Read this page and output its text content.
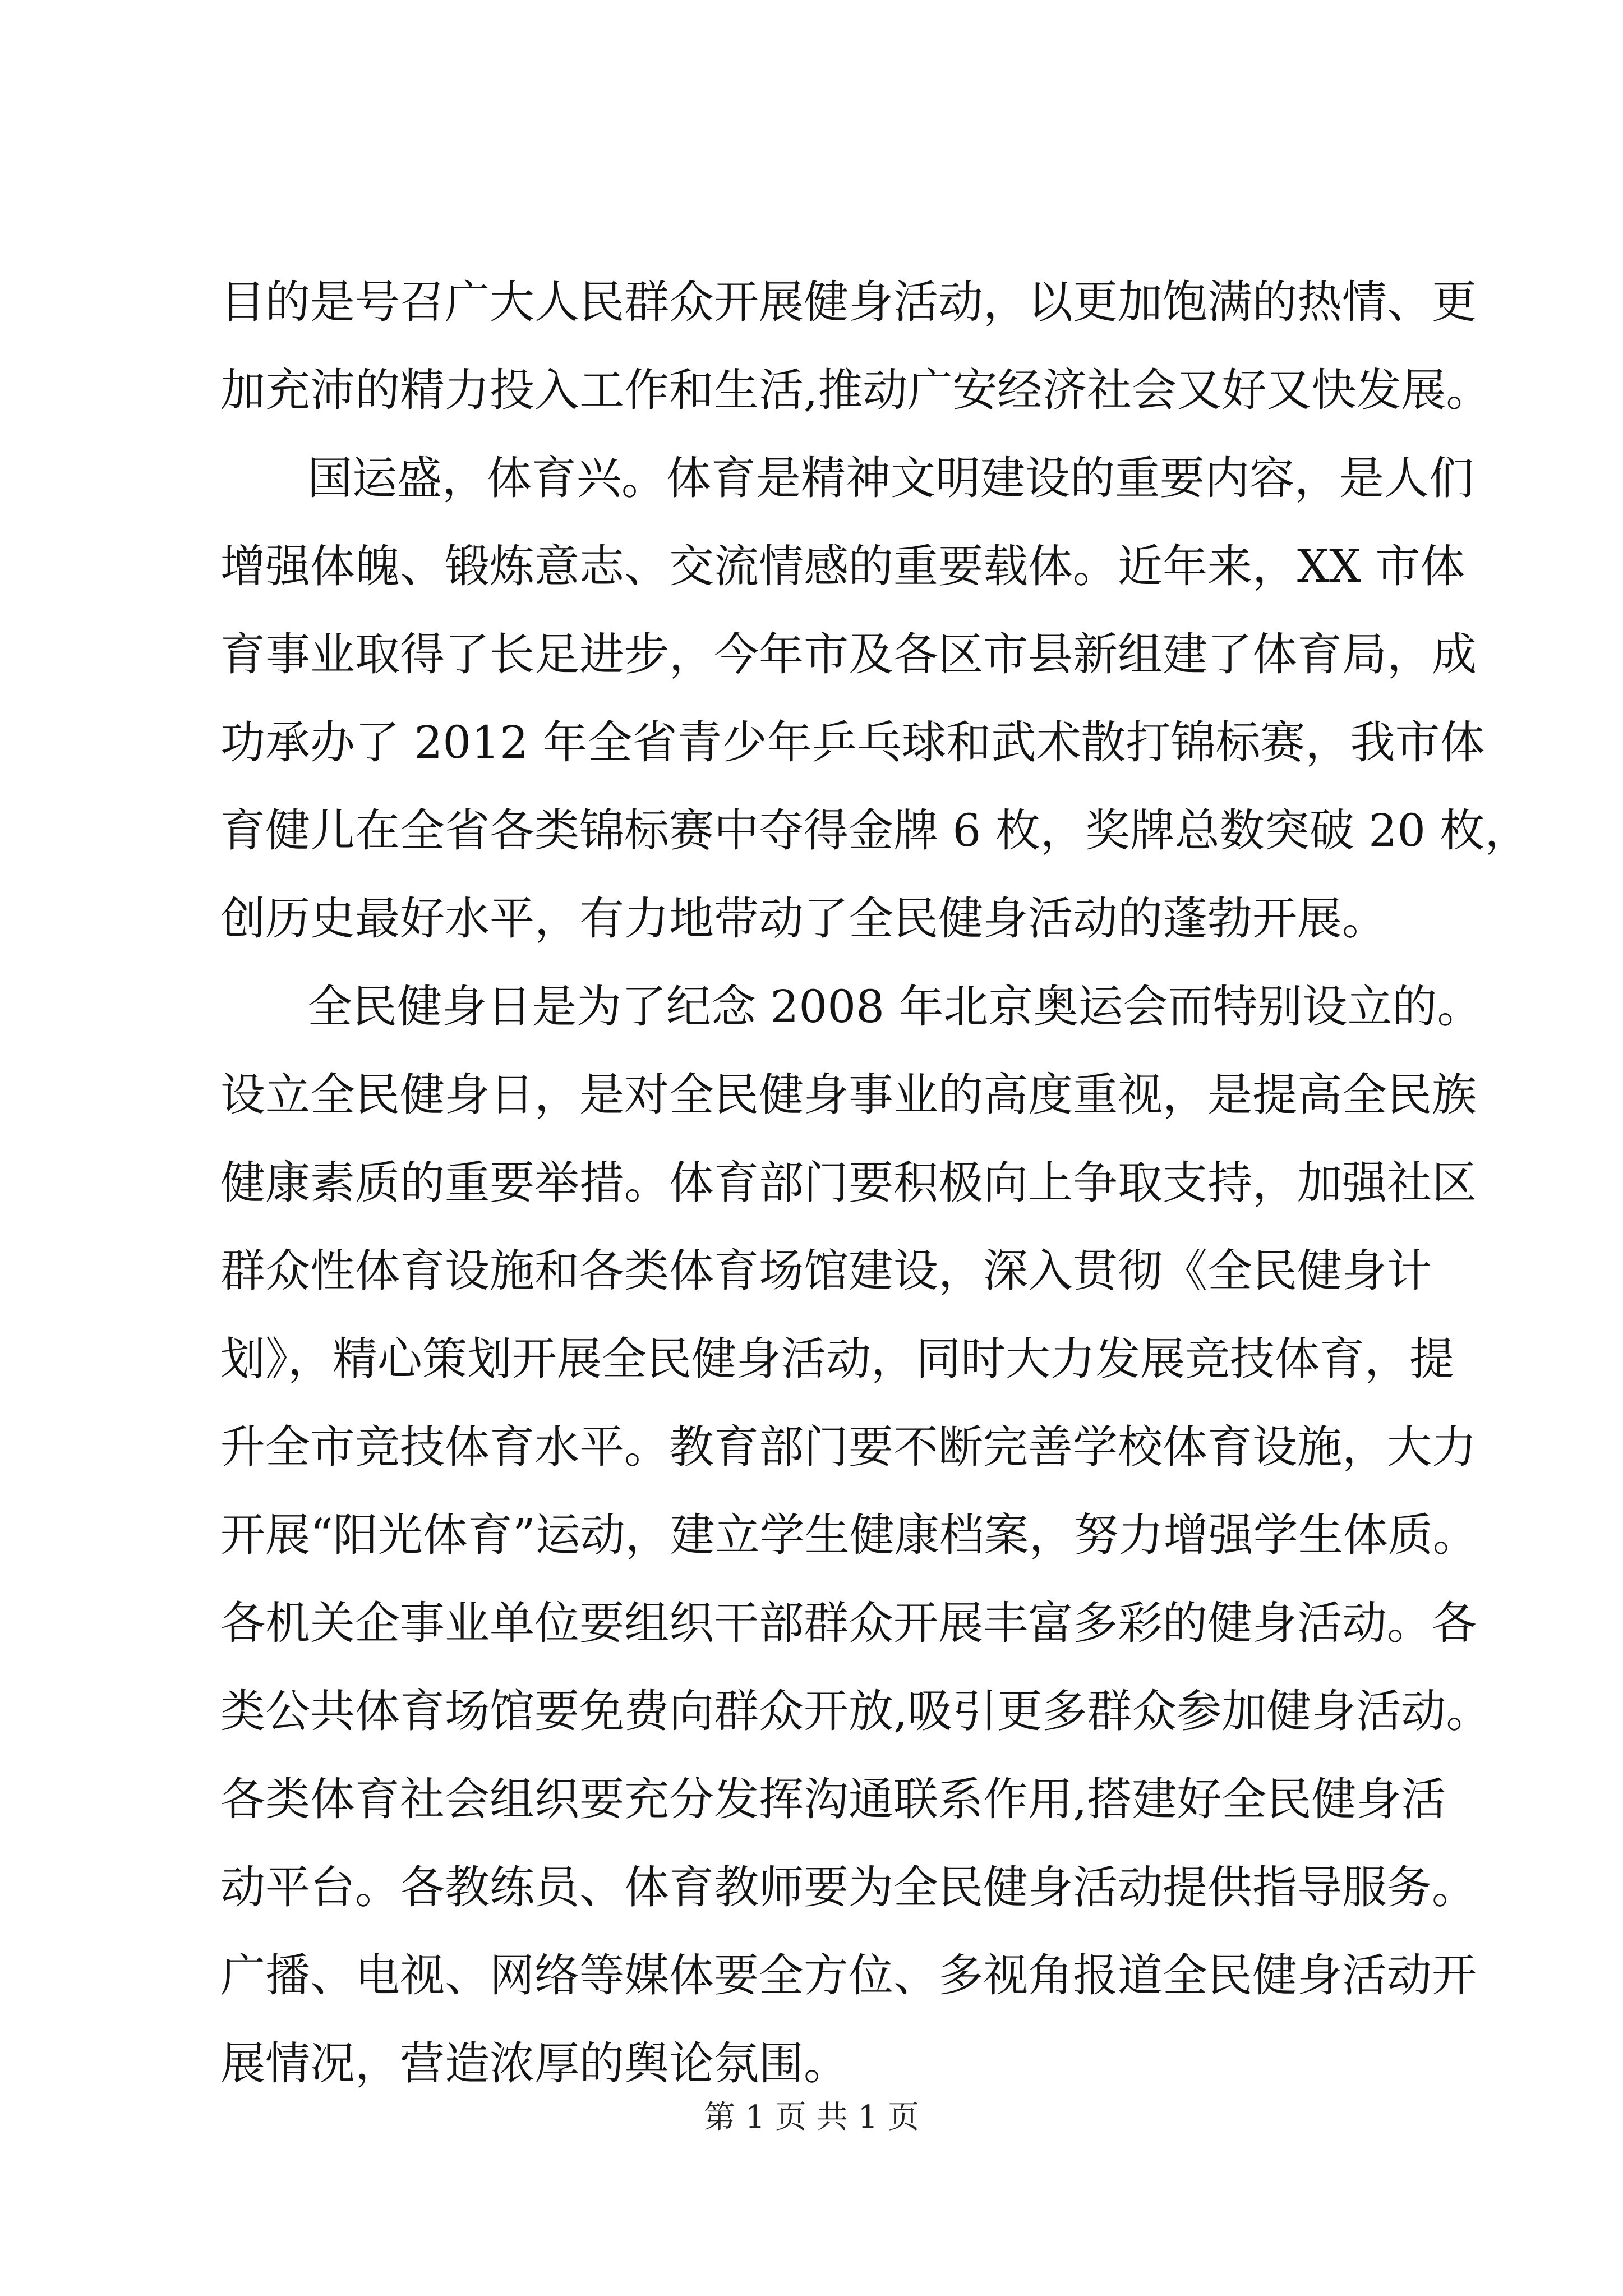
目的是号召广大人民群众开展健身活动，以更加饱满的热情、更
加充沛的精力投入工作和生活,推动广安经济社会又好又快发展。
国运盛，体育兴。体育是精神文明建设的重要内容，是人们
增强体魄、锻炼意志、交流情感的重要载体。近年来，XX 市体
育事业取得了长足进步，今年市及各区市县新组建了体育局，成
功承办了 2012 年全省青少年乒乓球和武术散打锦标赛，我市体
育健儿在全省各类锦标赛中夺得金牌 6 枚，奖牌总数突破 20 枚，
创历史最好水平，有力地带动了全民健身活动的蓬勃开展。
全民健身日是为了纪念 2008 年北京奥运会而特别设立的。
设立全民健身日，是对全民健身事业的高度重视，是提高全民族
健康素质的重要举措。体育部门要积极向上争取支持，加强社区
群众性体育设施和各类体育场馆建设，深入贯彻《全民健身计
划》，精心策划开展全民健身活动，同时大力发展竞技体育，提
升全市竞技体育水平。教育部门要不断完善学校体育设施，大力
开展“阳光体育”运动，建立学生健康档案，努力增强学生体质。
各机关企事业单位要组织干部群众开展丰富多彩的健身活动。各
类公共体育场馆要免费向群众开放,吸引更多群众参加健身活动。
各类体育社会组织要充分发挥沟通联系作用,搭建好全民健身活
动平台。各教练员、体育教师要为全民健身活动提供指导服务。
广播、电视、网络等媒体要全方位、多视角报道全民健身活动开
展情况，营造浓厚的舆论氛围。
第 1 页 共 1 页
